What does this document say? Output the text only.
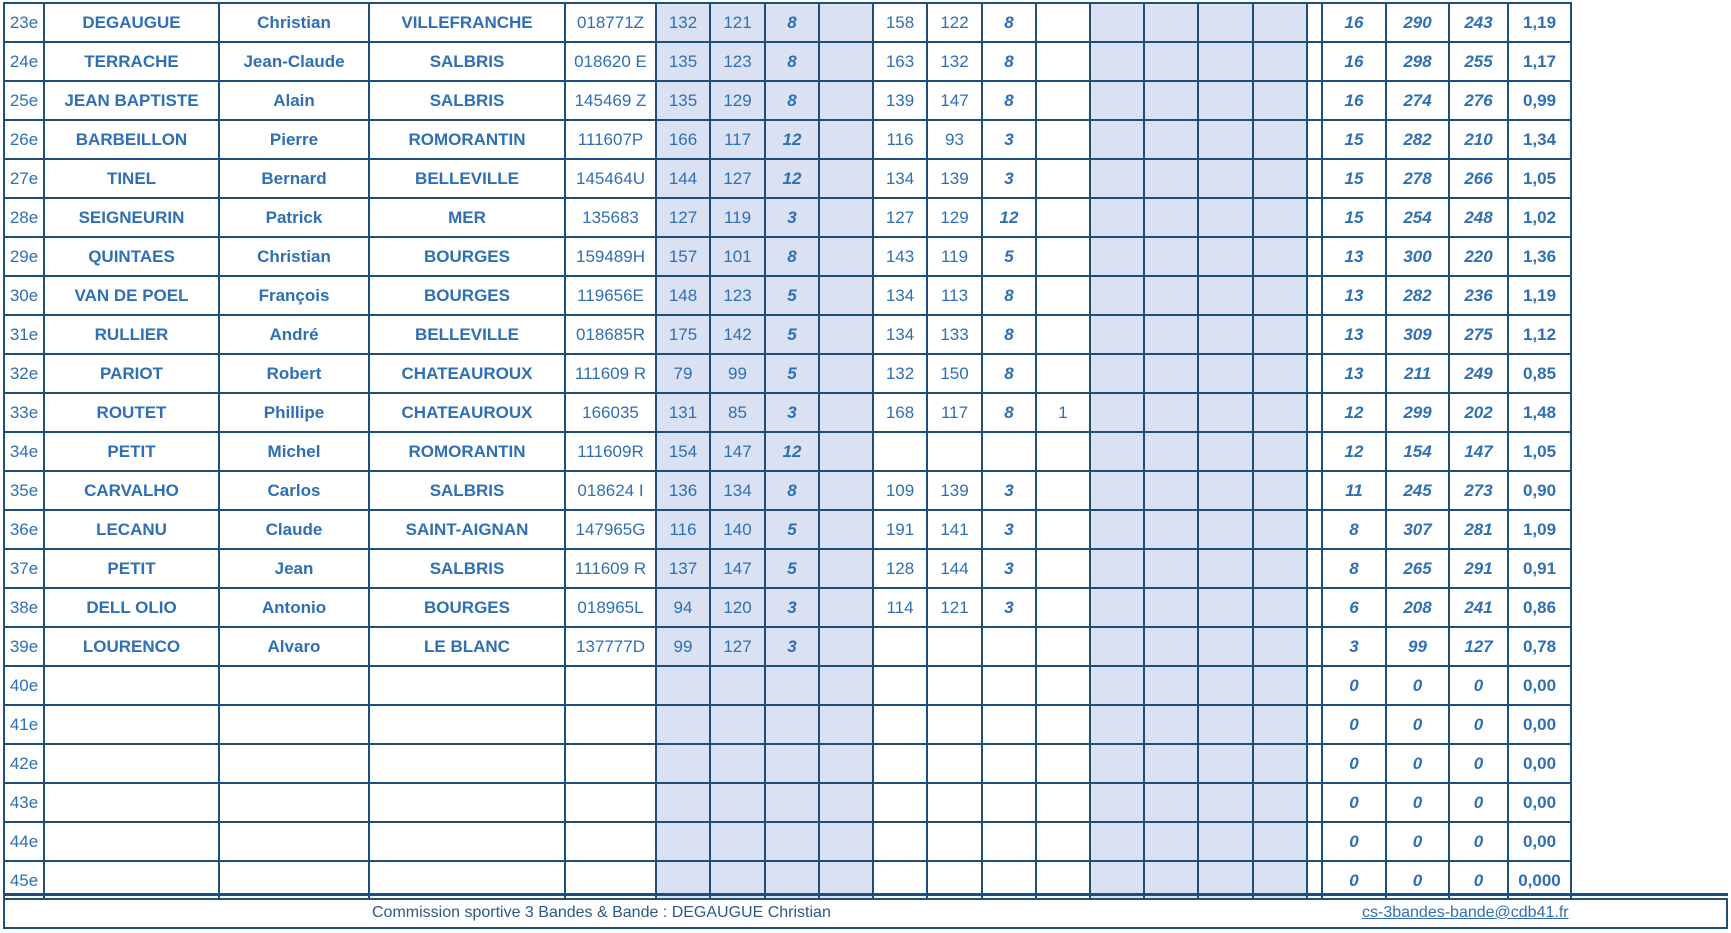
23e	DEGAUGUE	Christian	VILLEFRANCHE	018771Z	132	121	8		158	122	8							16	290	243	1,19
24e	TERRACHE	Jean-Claude	SALBRIS	018620 E	135	123	8		163	132	8							16	298	255	1,17
25e	JEAN BAPTISTE	Alain	SALBRIS	145469 Z	135	129	8		139	147	8							16	274	276	0,99
26e	BARBEILLON	Pierre	ROMORANTIN	111607P	166	117	12		116	93	3							15	282	210	1,34
27e	TINEL	Bernard	BELLEVILLE	145464U	144	127	12		134	139	3							15	278	266	1,05
28e	SEIGNEURIN	Patrick	MER	135683	127	119	3		127	129	12							15	254	248	1,02
29e	QUINTAES	Christian	BOURGES	159489H	157	101	8		143	119	5							13	300	220	1,36
30e	VAN DE POEL	François	BOURGES	119656E	148	123	5		134	113	8							13	282	236	1,19
31e	RULLIER	André	BELLEVILLE	018685R	175	142	5		134	133	8							13	309	275	1,12
32e	PARIOT	Robert	CHATEAUROUX	111609 R	79	99	5		132	150	8							13	211	249	0,85
33e	ROUTET	Phillipe	CHATEAUROUX	166035	131	85	3		168	117	8	1						12	299	202	1,48
34e	PETIT	Michel	ROMORANTIN	111609R	154	147	12											12	154	147	1,05
35e	CARVALHO	Carlos	SALBRIS	018624 I	136	134	8		109	139	3							11	245	273	0,90
36e	LECANU	Claude	SAINT-AIGNAN	147965G	116	140	5		191	141	3							8	307	281	1,09
37e	PETIT	Jean	SALBRIS	111609 R	137	147	5		128	144	3							8	265	291	0,91
38e	DELL OLIO	Antonio	BOURGES	018965L	94	120	3		114	121	3							6	208	241	0,86
39e	LOURENCO	Alvaro	LE BLANC	137777D	99	127	3											3	99	127	0,78
40e																		0	0	0	0,00
41e																		0	0	0	0,00
42e																		0	0	0	0,00
43e																		0	0	0	0,00
44e																		0	0	0	0,00
45e																		0	0	0	0,000
Commission sportive 3 Bandes & Bande : DEGAUGUE Christian	cs-3bandes-bande@cdb41.fr
